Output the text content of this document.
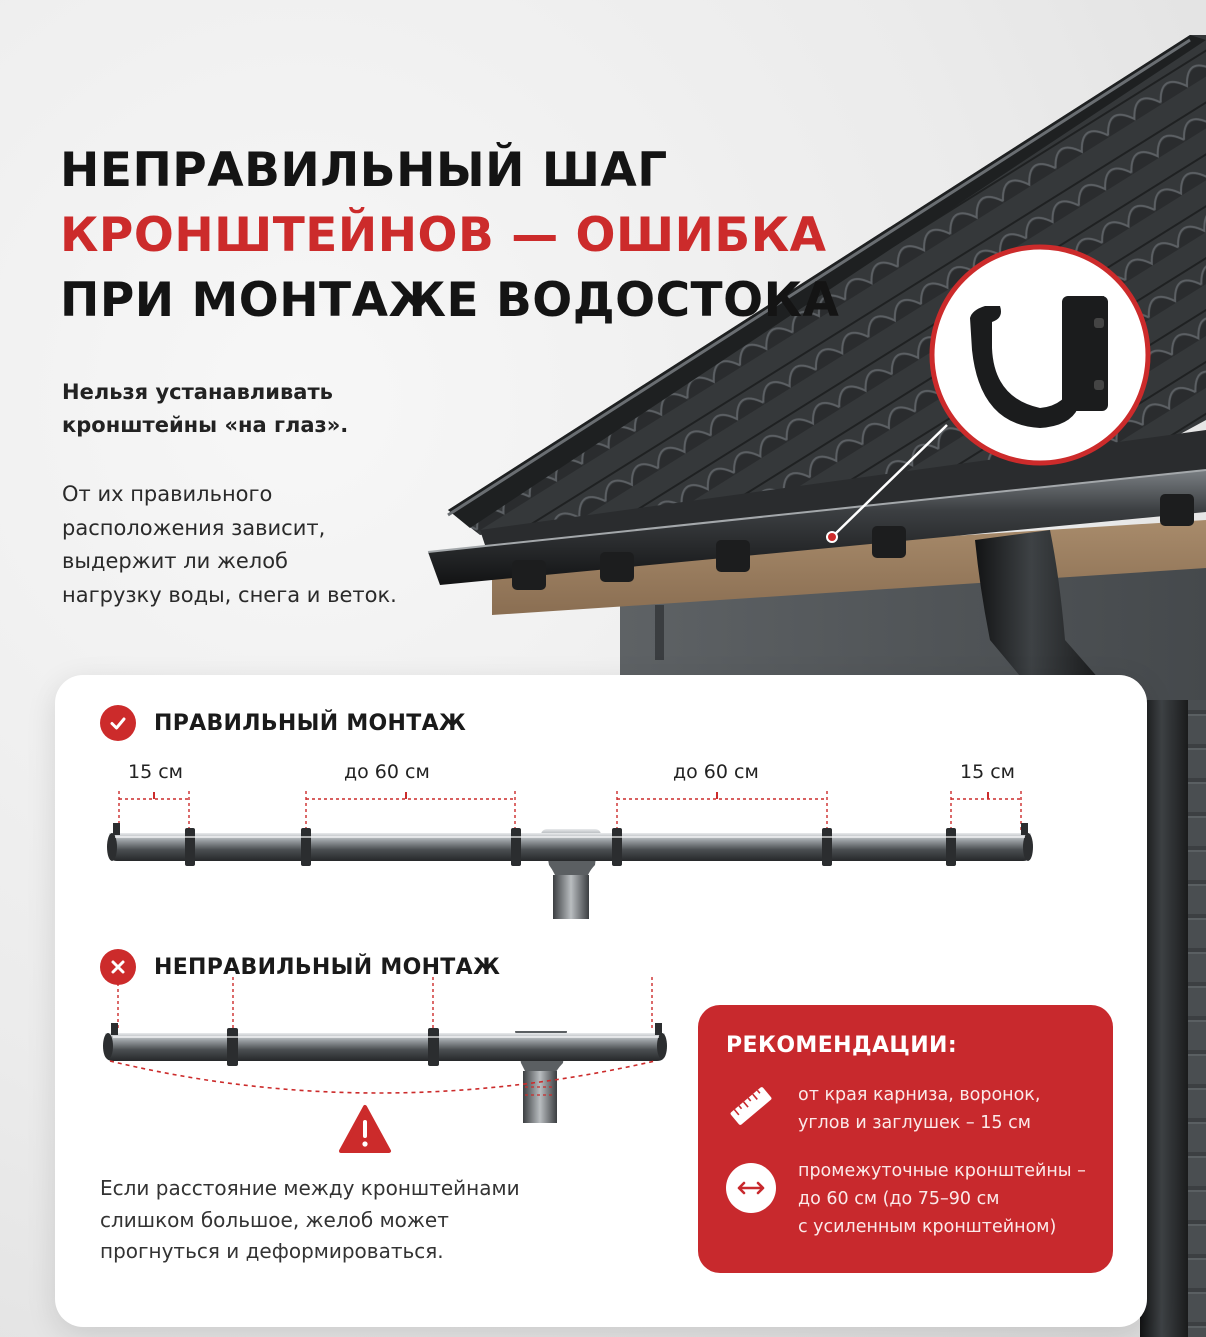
НЕПРАВИЛЬНЫЙ ШАГ
КРОНШТЕЙНОВ — ОШИБКА
ПРИ МОНТАЖЕ ВОДОСТОКА

Нельзя устанавливать
кронштейны «на глаз».

От их правильного
расположения зависит,
выдержит ли желоб
нагрузку воды, снега и веток.

ПРАВИЛЬНЫЙ МОНТАЖ
15 см	до 60 см	до 60 см	15 см
НЕПРАВИЛЬНЫЙ МОНТАЖ

Если расстояние между кронштейнами
слишком большое, желоб может
прогнуться и деформироваться.

РЕКОМЕНДАЦИИ:
от края карниза, воронок,
углов и заглушек – 15 см
промежуточные кронштейны –
до 60 см (до 75–90 см
с усиленным кронштейном)
